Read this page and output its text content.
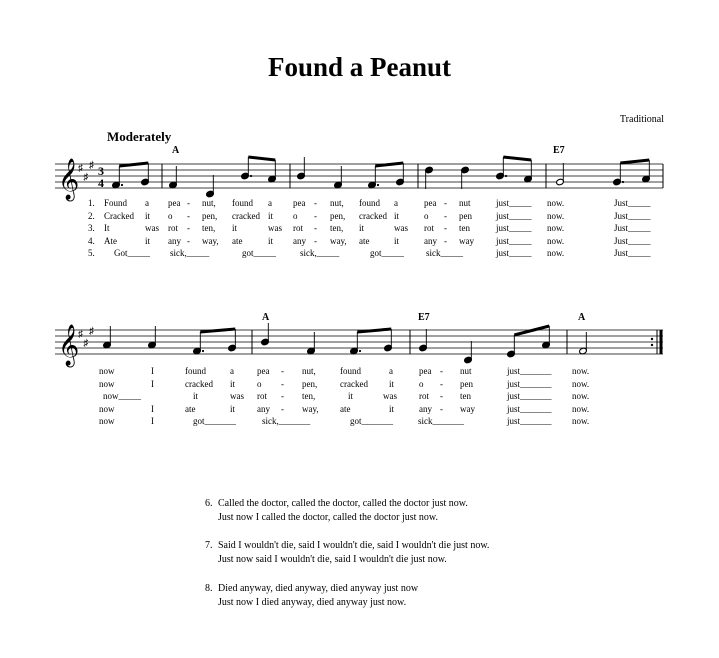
Found a Peanut
Traditional
Moderately
𝄞
♯
♯
♯ 3
4
𝄞
♯
♯
♯
A	E7
A	E7	A
1. Found a pea - nut, found a pea - nut, found a	pea - nut	just_____ now.	Just_____
2. Cracked it o - pen, cracked it o - pen, cracked it	o - pen	just_____ now.	Just_____
3. It	was rot - ten, it	was rot - ten, it	was rot - ten	just_____ now.	Just_____
4. Ate	it any - way, ate	it any - way, ate	it	any - way just_____ now.	Just_____
5. Got_____ sick,_____	got_____	sick,_____	got_____ sick_____	just_____ now.	Just_____
now	I	found	a	pea - nut,	found	a	pea - nut	just_______ now.
now	I	cracked it o - pen,	cracked it	o - pen	just_______ now.
now_____	it	was rot - ten,	it	was rot - ten	just_______ now.
now	I	ate	it any - way, ate	it	any - way	just_______ now.
now	I	got_______	sick,_______	got_______	sick_______	just_______ now.
6. Called the doctor, called the doctor, called the doctor just now.
Just now I called the doctor, called the doctor just now.
7. Said I wouldn't die, said I wouldn't die, said I wouldn't die just now.
Just now said I wouldn't die, said I wouldn't die just now.
8. Died anyway, died anyway, died anyway just now
Just now I died anyway, died anyway just now.
